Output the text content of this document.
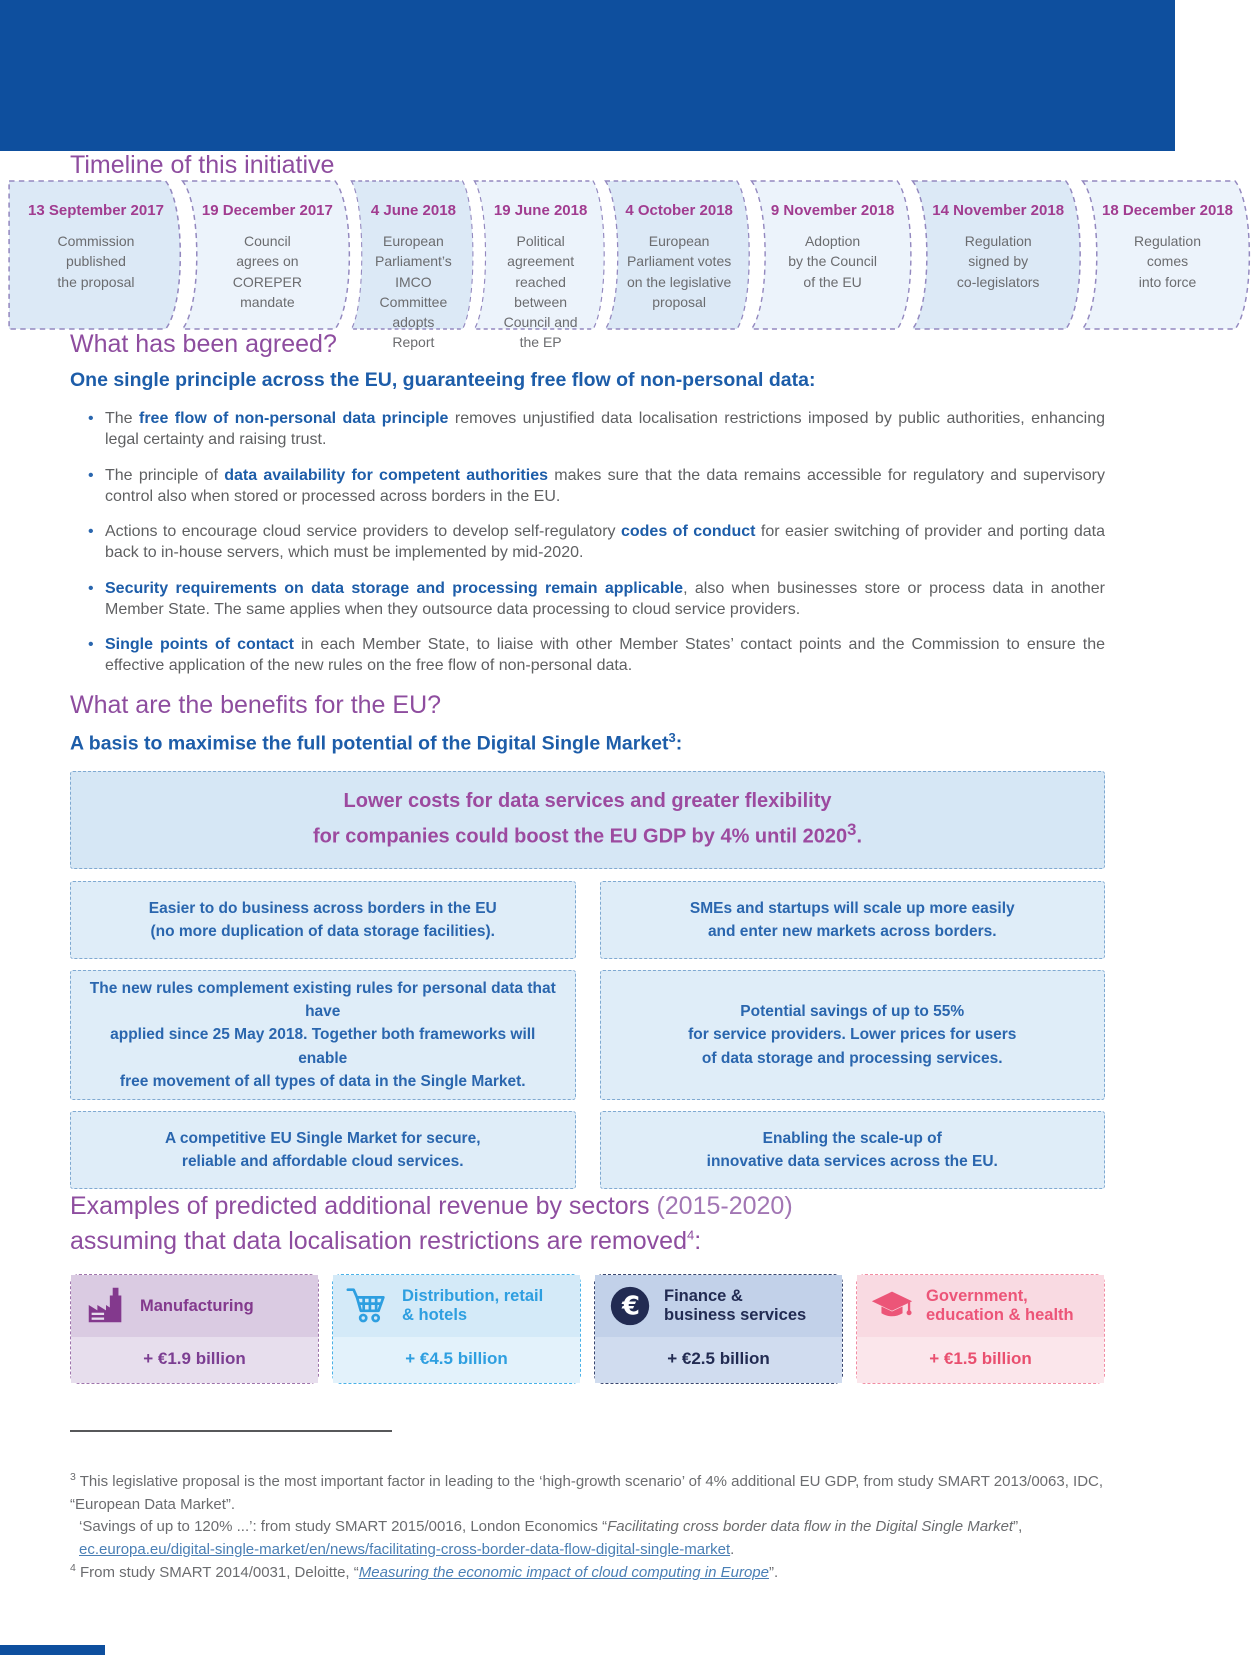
Timeline of this initiative
13 September 2017
Commission
published
the proposal
19 December 2017
Council
agrees on
COREPER
mandate
4 June 2018
European
Parliament’s
IMCO Committee
adopts Report
19 June 2018
Political
agreement
reached between
Council and the EP
4 October 2018
European
Parliament votes
on the legislative
proposal
9 November 2018
Adoption
by the Council
of the EU
14 November 2018
Regulation
signed by
co-legislators
18 December 2018
Regulation
comes
into force
What has been agreed?
One single principle across the EU, guaranteeing free flow of non-personal data:
• The free flow of non-personal data principle removes unjustified data localisation restrictions imposed by public authorities, enhancing legal certainty and raising trust.
• The principle of data availability for competent authorities makes sure that the data remains accessible for regulatory and supervisory control also when stored or processed across borders in the EU.
• Actions to encourage cloud service providers to develop self-regulatory codes of conduct for easier switching of provider and porting data back to in-house servers, which must be implemented by mid-2020.
• Security requirements on data storage and processing remain applicable, also when businesses store or process data in another Member State. The same applies when they outsource data processing to cloud service providers.
• Single points of contact in each Member State, to liaise with other Member States’ contact points and the Commission to ensure the effective application of the new rules on the free flow of non-personal data.
What are the benefits for the EU?
A basis to maximise the full potential of the Digital Single Market$^3$:
Lower costs for data services and greater flexibility
for companies could boost the EU GDP by 4% until 2020$^3$.
Easier to do business across borders in the EU
(no more duplication of data storage facilities).
SMEs and startups will scale up more easily
and enter new markets across borders.
The new rules complement existing rules for personal data that have
applied since 25 May 2018. Together both frameworks will enable
free movement of all types of data in the Single Market.
Potential savings of up to 55%
for service providers. Lower prices for users
of data storage and processing services.
A competitive EU Single Market for secure,
reliable and affordable cloud services.
Enabling the scale-up of
innovative data services across the EU.
Examples of predicted additional revenue by sectors (2015-2020)
assuming that data localisation restrictions are removed$^4$:
Manufacturing
+ €1.9 billion
Distribution, retail
& hotels
+ €4.5 billion
€ Finance &
business services
+ €2.5 billion
Government,
education & health
+ €1.5 billion

$^3$ This legislative proposal is the most important factor in leading to the ‘high-growth scenario’ of 4% additional EU GDP, from study SMART 2013/0063, IDC, “European Data Market”.

‘Savings of up to 120% ...’: from study SMART 2015/0016, London Economics “Facilitating cross border data flow in the Digital Single Market”, ec.europa.eu/digital-single-market/en/news/facilitating-cross-border-data-flow-digital-single-market.

$^4$ From study SMART 2014/0031, Deloitte, “Measuring the economic impact of cloud computing in Europe”.
